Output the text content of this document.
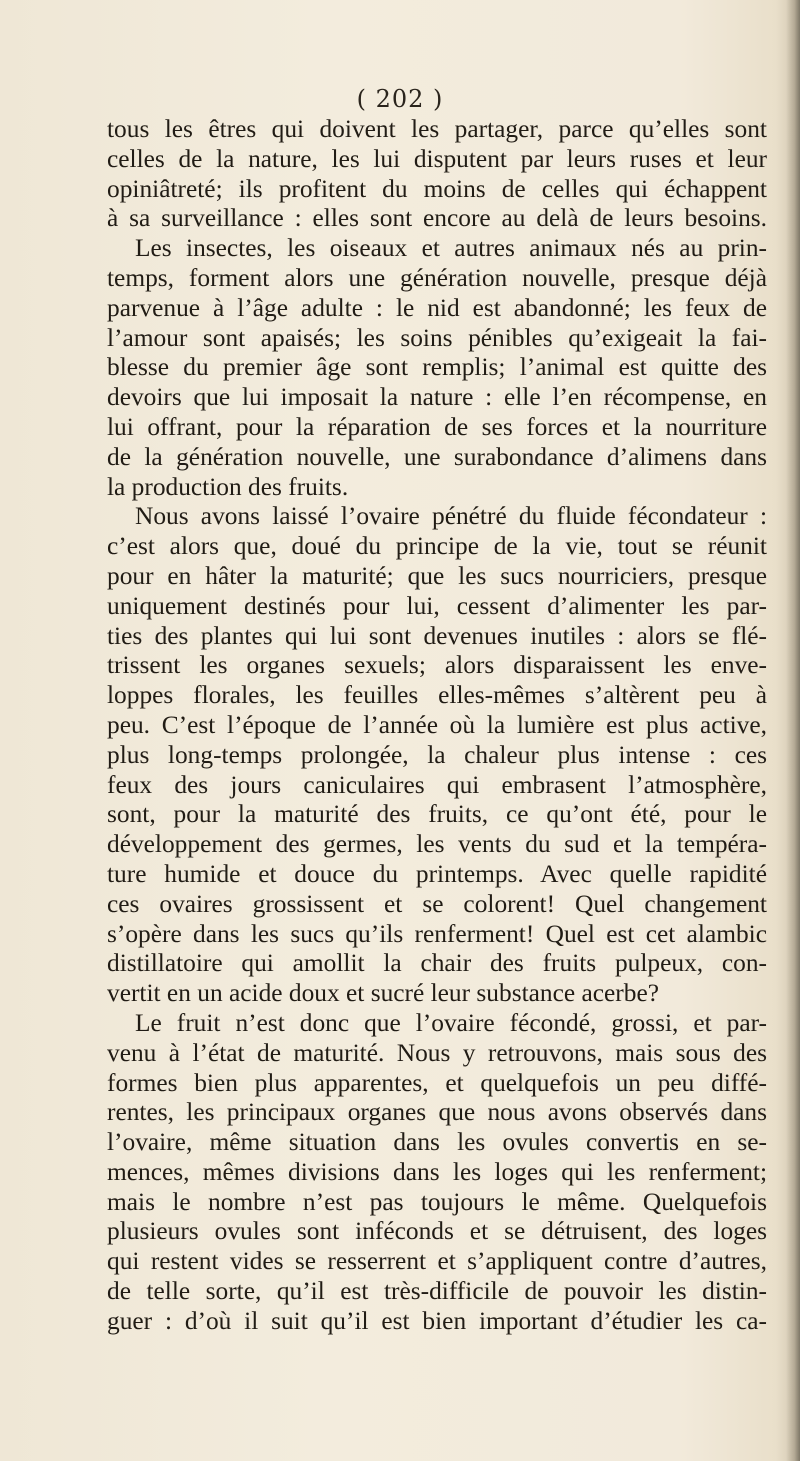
( 202 )
tous les êtres qui doivent les partager, parce qu’elles sont
celles de la nature, les lui disputent par leurs ruses et leur
opiniâtreté; ils profitent du moins de celles qui échappent
à sa surveillance : elles sont encore au delà de leurs besoins.
Les insectes, les oiseaux et autres animaux nés au prin-
temps, forment alors une génération nouvelle, presque déjà
parvenue à l’âge adulte : le nid est abandonné; les feux de
l’amour sont apaisés; les soins pénibles qu’exigeait la fai-
blesse du premier âge sont remplis; l’animal est quitte des
devoirs que lui imposait la nature : elle l’en récompense, en
lui offrant, pour la réparation de ses forces et la nourriture
de la génération nouvelle, une surabondance d’alimens dans
la production des fruits.
Nous avons laissé l’ovaire pénétré du fluide fécondateur :
c’est alors que, doué du principe de la vie, tout se réunit
pour en hâter la maturité; que les sucs nourriciers, presque
uniquement destinés pour lui, cessent d’alimenter les par-
ties des plantes qui lui sont devenues inutiles : alors se flé-
trissent les organes sexuels; alors disparaissent les enve-
loppes florales, les feuilles elles-mêmes s’altèrent peu à
peu. C’est l’époque de l’année où la lumière est plus active,
plus long-temps prolongée, la chaleur plus intense : ces
feux des jours caniculaires qui embrasent l’atmosphère,
sont, pour la maturité des fruits, ce qu’ont été, pour le
développement des germes, les vents du sud et la tempéra-
ture humide et douce du printemps. Avec quelle rapidité
ces ovaires grossissent et se colorent! Quel changement
s’opère dans les sucs qu’ils renferment! Quel est cet alambic
distillatoire qui amollit la chair des fruits pulpeux, con-
vertit en un acide doux et sucré leur substance acerbe?
Le fruit n’est donc que l’ovaire fécondé, grossi, et par-
venu à l’état de maturité. Nous y retrouvons, mais sous des
formes bien plus apparentes, et quelquefois un peu diffé-
rentes, les principaux organes que nous avons observés dans
l’ovaire, même situation dans les ovules convertis en se-
mences, mêmes divisions dans les loges qui les renferment;
mais le nombre n’est pas toujours le même. Quelquefois
plusieurs ovules sont inféconds et se détruisent, des loges
qui restent vides se resserrent et s’appliquent contre d’autres,
de telle sorte, qu’il est très-difficile de pouvoir les distin-
guer : d’où il suit qu’il est bien important d’étudier les ca-
